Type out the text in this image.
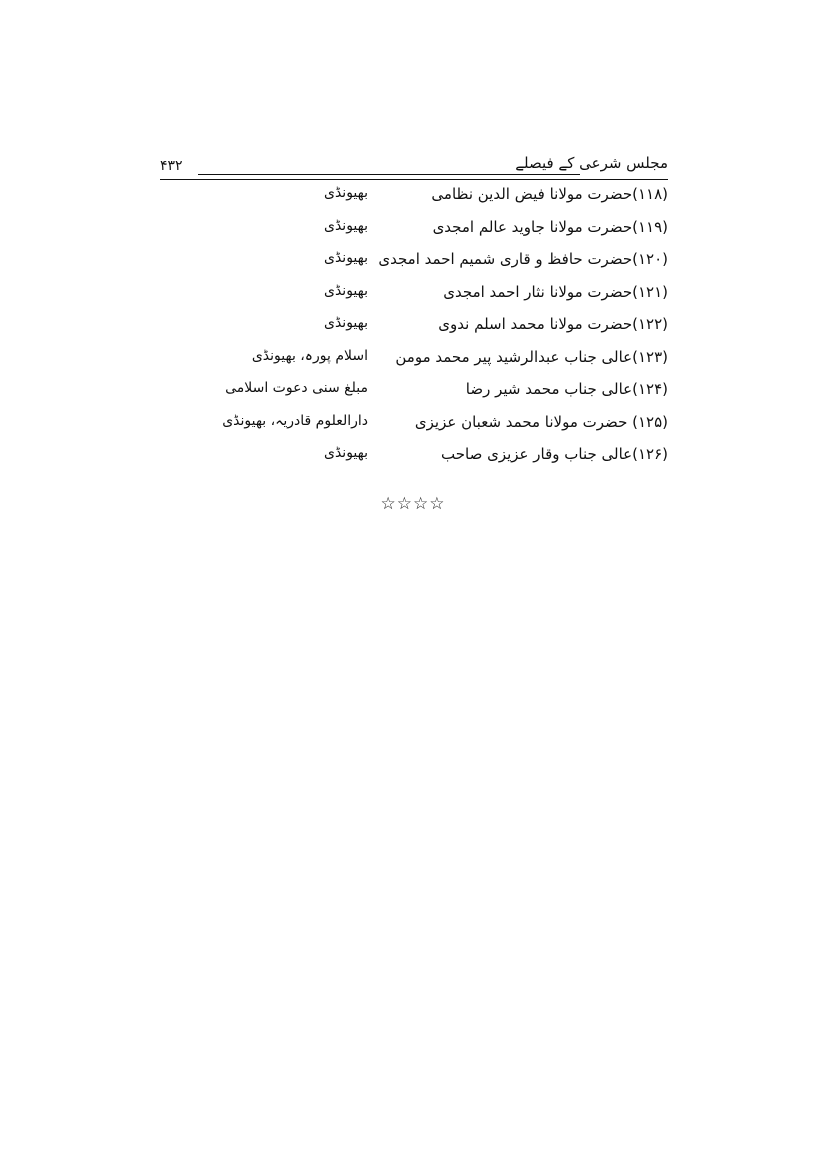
مجلس شرعی کے فیصلے
۴۳۲
(۱۱۸)حضرت مولانا فیض الدین نظامی
بھیونڈی
(۱۱۹)حضرت مولانا جاوید عالم امجدی
بھیونڈی
(۱۲۰)حضرت حافظ و قاری شمیم احمد امجدی
بھیونڈی
(۱۲۱)حضرت مولانا نثار احمد امجدی
بھیونڈی
(۱۲۲)حضرت مولانا محمد اسلم ندوی
بھیونڈی
(۱۲۳)عالی جناب عبدالرشید پیر محمد مومن
اسلام پورہ، بھیونڈی
(۱۲۴)عالی جناب محمد شیر رضا
مبلغ سنی دعوت اسلامی
(۱۲۵) حضرت مولانا محمد شعبان عزیزی
دارالعلوم قادریہ، بھیونڈی
(۱۲۶)عالی جناب وقار عزیزی صاحب
بھیونڈی
☆☆☆☆
